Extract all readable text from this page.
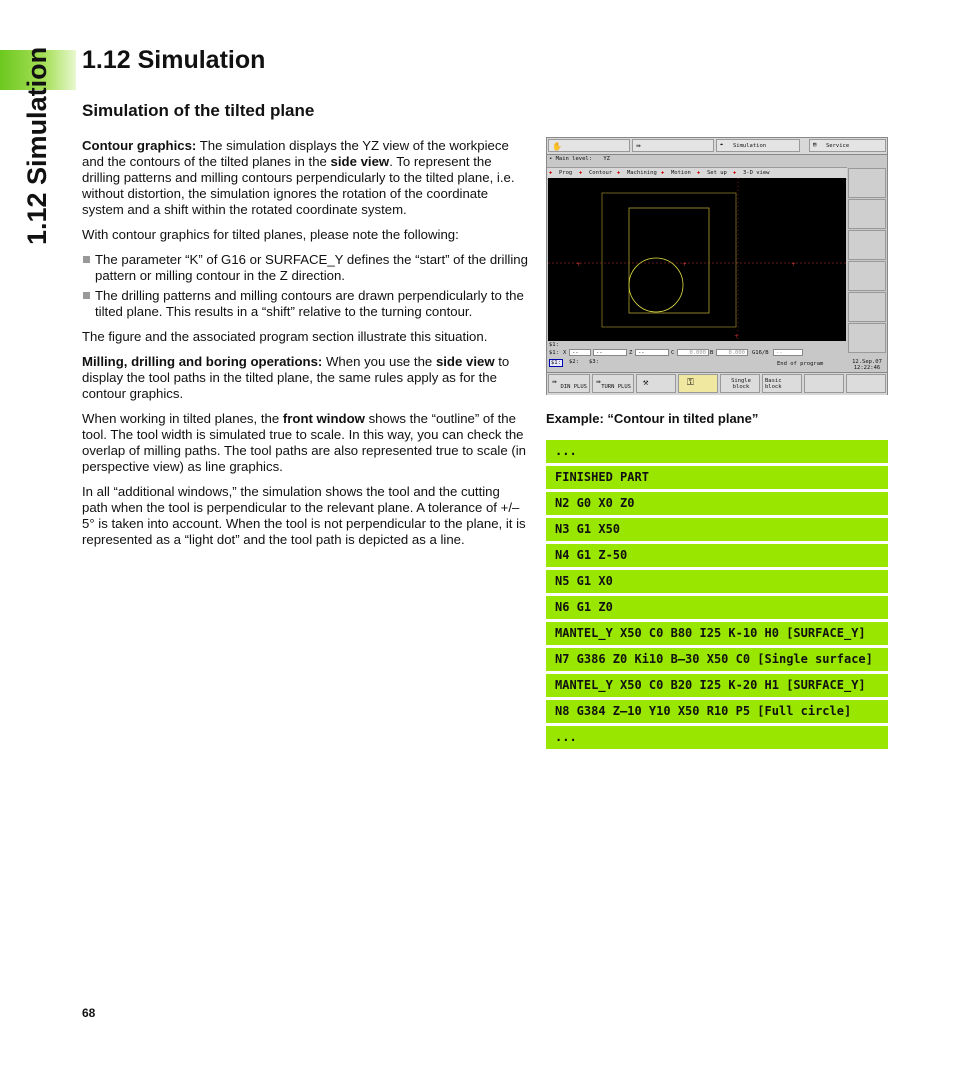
1.12 Simulation 1.12 Simulation
Simulation of the tilted plane

Contour graphics: The simulation displays the YZ view of the workpiece and the contours of the tilted planes in the side view. To represent the drilling patterns and milling contours perpendicularly to the tilted plane, i.e. without distortion, the simulation ignores the rotation of the coordinate system and a shift within the rotated coordinate system.

With contour graphics for tilted planes, please note the following:

The parameter “K” of G16 or SURFACE_Y defines the “start” of the drilling pattern or milling contour in the Z direction.
The drilling patterns and milling contours are drawn perpendicularly to the tilted plane. This results in a “shift” relative to the turning contour.

The figure and the associated program section illustrate this situation.

Milling, drilling and boring operations: When you use the side view to display the tool paths in the tilted plane, the same rules apply as for the contour graphics.

When working in tilted planes, the front window shows the “outline” of the tool. The tool width is simulated true to scale. In this way, you can check the overlap of milling paths. The tool paths are also represented true to scale (in perspective view) as line graphics.

In all “additional windows,” the simulation shows the tool and the cutting path when the tool is perpendicular to the relevant plane. A tolerance of +/– 5° is taken into account. When the tool is not perpendicular to the plane, it is represented as a “light dot” and the tool path is depicted as a line.

✋	⇛	⌖ Simulation	▤ Service
• Main level: YZ
✚ Prog ✚ Contour ✚ Machining ✚ Motion ✚ Set up ✚ 3-D view
+	+	+
+
$1:
$1: X --	--	Z --	C	0.000 B	0.000 G16/B --
$1:	$2: $3:	End of program	12.Sep.07
12:22:46
⇛
DIN PLUS
⇛
TURN PLUS ⚒	⚿	Single block
Basic block
Example: “Contour in tilted plane”
...
FINISHED PART
N2 G0 X0 Z0
N3 G1 X50
N4 G1 Z-50
N5 G1 X0
N6 G1 Z0
MANTEL_Y X50 C0 B80 I25 K-10 H0 [SURFACE_Y]
N7 G386 Z0 Ki10 B–30 X50 C0 [Single surface]
MANTEL_Y X50 C0 B20 I25 K-20 H1 [SURFACE_Y]
N8 G384 Z–10 Y10 X50 R10 P5 [Full circle]
...
68
